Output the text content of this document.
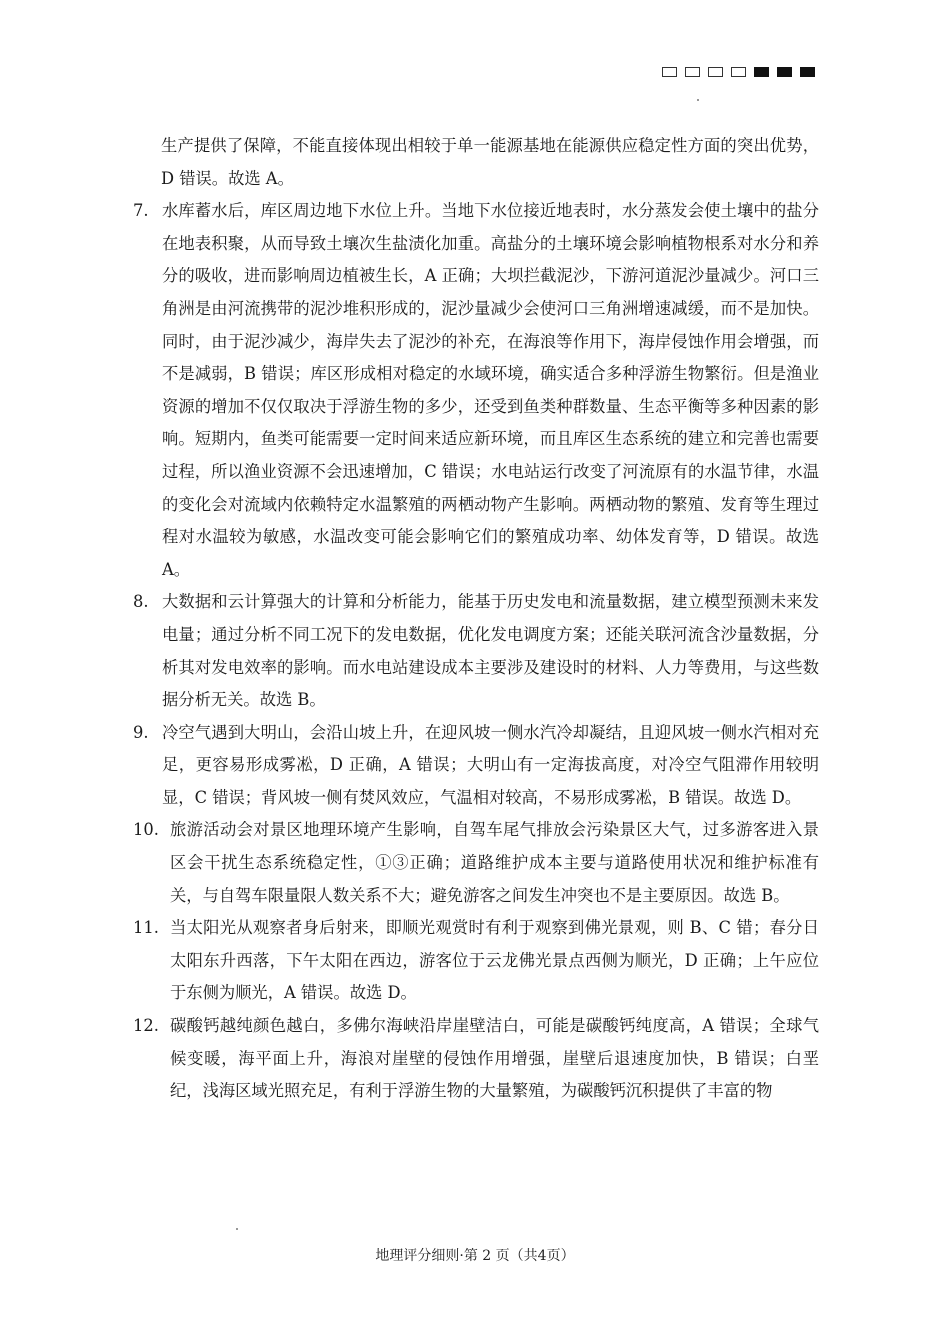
生产提供了保障，不能直接体现出相较于单一能源基地在能源供应稳定性方面的突出优势，D 错误。故选 A。
7. 水库蓄水后，库区周边地下水位上升。当地下水位接近地表时，水分蒸发会使土壤中的盐分在地表积聚，从而导致土壤次生盐渍化加重。高盐分的土壤环境会影响植物根系对水分和养分的吸收，进而影响周边植被生长，A 正确；大坝拦截泥沙，下游河道泥沙量减少。河口三角洲是由河流携带的泥沙堆积形成的，泥沙量减少会使河口三角洲增速减缓，而不是加快。同时，由于泥沙减少，海岸失去了泥沙的补充，在海浪等作用下，海岸侵蚀作用会增强，而不是减弱，B 错误；库区形成相对稳定的水域环境，确实适合多种浮游生物繁衍。但是渔业资源的增加不仅仅取决于浮游生物的多少，还受到鱼类种群数量、生态平衡等多种因素的影响。短期内，鱼类可能需要一定时间来适应新环境，而且库区生态系统的建立和完善也需要过程，所以渔业资源不会迅速增加，C 错误；水电站运行改变了河流原有的水温节律，水温的变化会对流域内依赖特定水温繁殖的两栖动物产生影响。两栖动物的繁殖、发育等生理过程对水温较为敏感，水温改变可能会影响它们的繁殖成功率、幼体发育等，D 错误。故选 A。
8. 大数据和云计算强大的计算和分析能力，能基于历史发电和流量数据，建立模型预测未来发电量；通过分析不同工况下的发电数据，优化发电调度方案；还能关联河流含沙量数据，分析其对发电效率的影响。而水电站建设成本主要涉及建设时的材料、人力等费用，与这些数据分析无关。故选 B。
9. 冷空气遇到大明山，会沿山坡上升，在迎风坡一侧水汽冷却凝结，且迎风坡一侧水汽相对充足，更容易形成雾凇，D 正确，A 错误；大明山有一定海拔高度，对冷空气阻滞作用较明显，C 错误；背风坡一侧有焚风效应，气温相对较高，不易形成雾凇，B 错误。故选 D。
10. 旅游活动会对景区地理环境产生影响，自驾车尾气排放会污染景区大气，过多游客进入景区会干扰生态系统稳定性，①③正确；道路维护成本主要与道路使用状况和维护标准有关，与自驾车限量限人数关系不大；避免游客之间发生冲突也不是主要原因。故选 B。
11. 当太阳光从观察者身后射来，即顺光观赏时有利于观察到佛光景观，则 B、C 错；春分日太阳东升西落，下午太阳在西边，游客位于云龙佛光景点西侧为顺光，D 正确；上午应位于东侧为顺光，A 错误。故选 D。
12. 碳酸钙越纯颜色越白，多佛尔海峡沿岸崖壁洁白，可能是碳酸钙纯度高，A 错误；全球气候变暖，海平面上升，海浪对崖壁的侵蚀作用增强，崖壁后退速度加快，B 错误；白垩纪，浅海区域光照充足，有利于浮游生物的大量繁殖，为碳酸钙沉积提供了丰富的物
地理评分细则·第 2 页（共4页）
